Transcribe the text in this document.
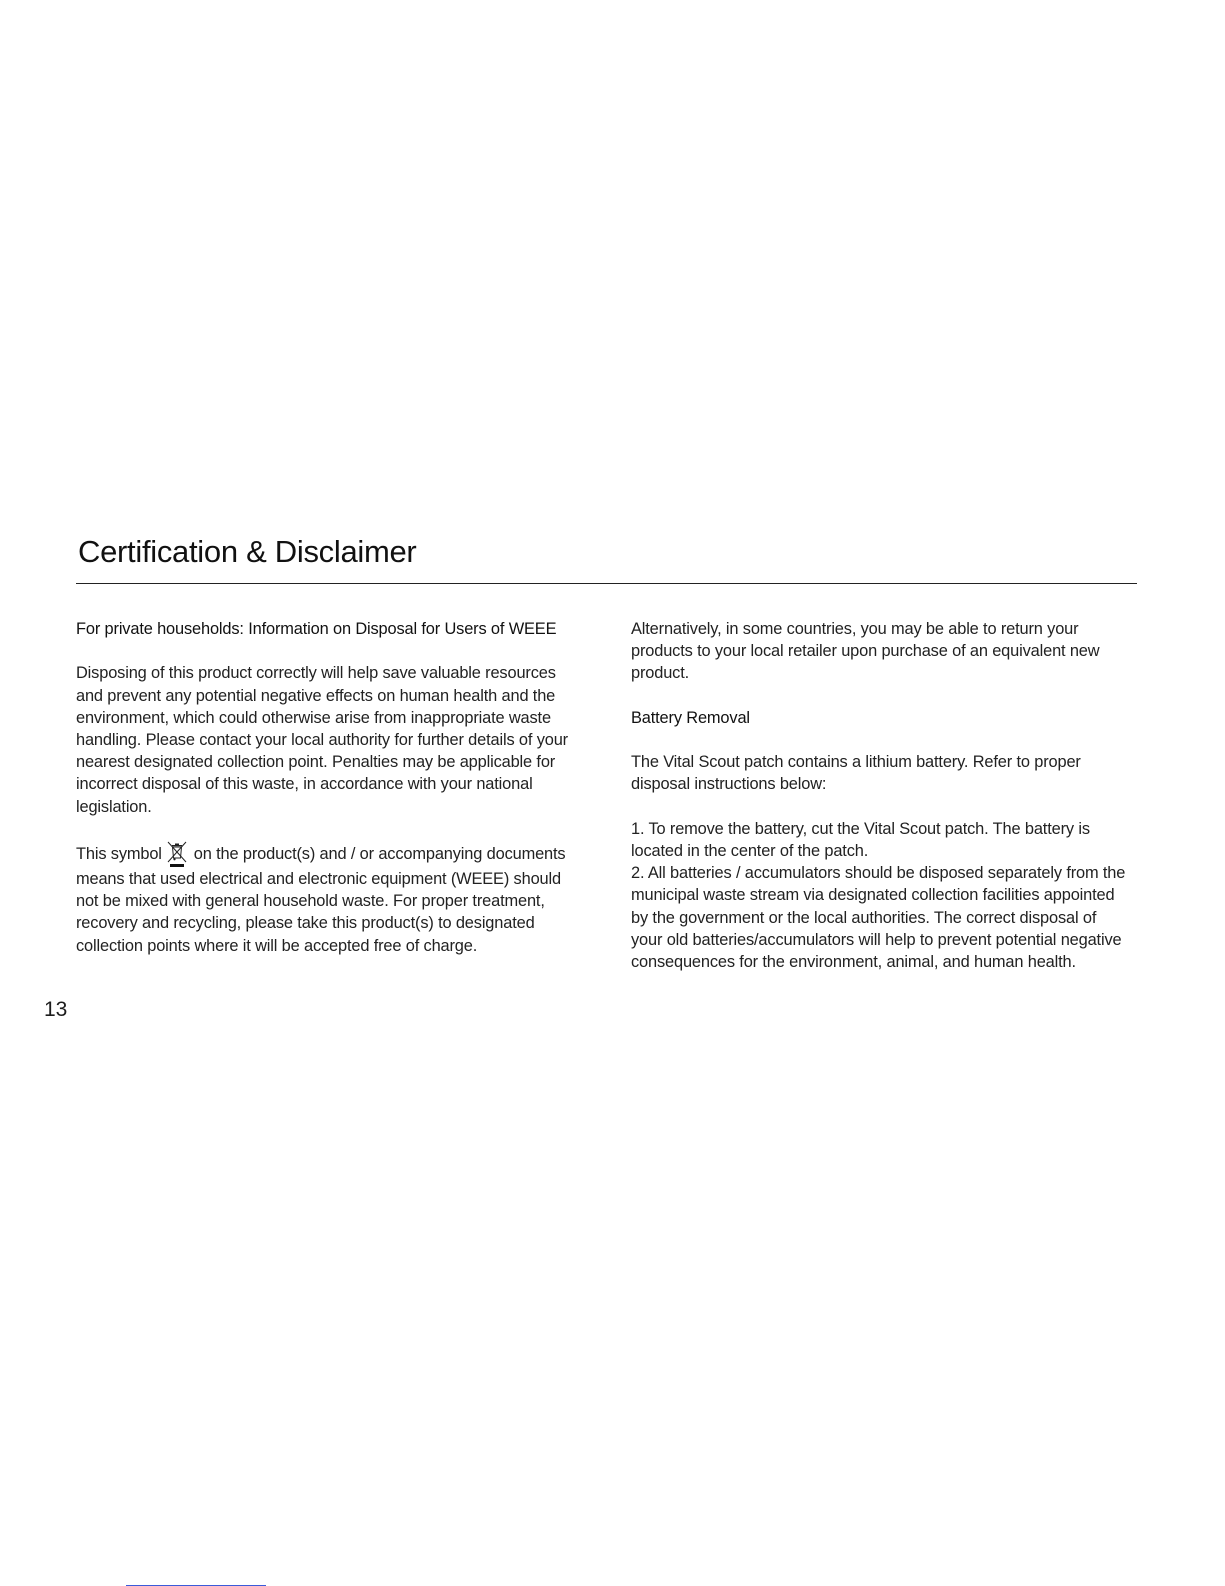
Certification & Disclaimer

For private households: Information on Disposal for Users of WEEE

Disposing of this product correctly will help save valuable resources and prevent any potential negative effects on human health and the environment, which could otherwise arise from inappropriate waste handling. Please contact your local authority for further details of your nearest designated collection point. Penalties may be applicable for incorrect disposal of this waste, in accordance with your national legislation.

This symbol on the product(s) and / or accompanying documents means that used electrical and electronic equipment (WEEE) should not be mixed with general household waste. For proper treatment, recovery and recycling, please take this product(s) to designated collection points where it will be accepted free of charge.

Alternatively, in some countries, you may be able to return your products to your local retailer upon purchase of an equivalent new product.

Battery Removal

The Vital Scout patch contains a lithium battery. Refer to proper disposal instructions below:

1. To remove the battery, cut the Vital Scout patch. The battery is located in the center of the patch.

2. All batteries / accumulators should be disposed separately from the municipal waste stream via designated collection facilities appointed by the government or the local authorities. The correct disposal of your old batteries/accumulators will help to prevent potential negative consequences for the environment, animal, and human health.

13
